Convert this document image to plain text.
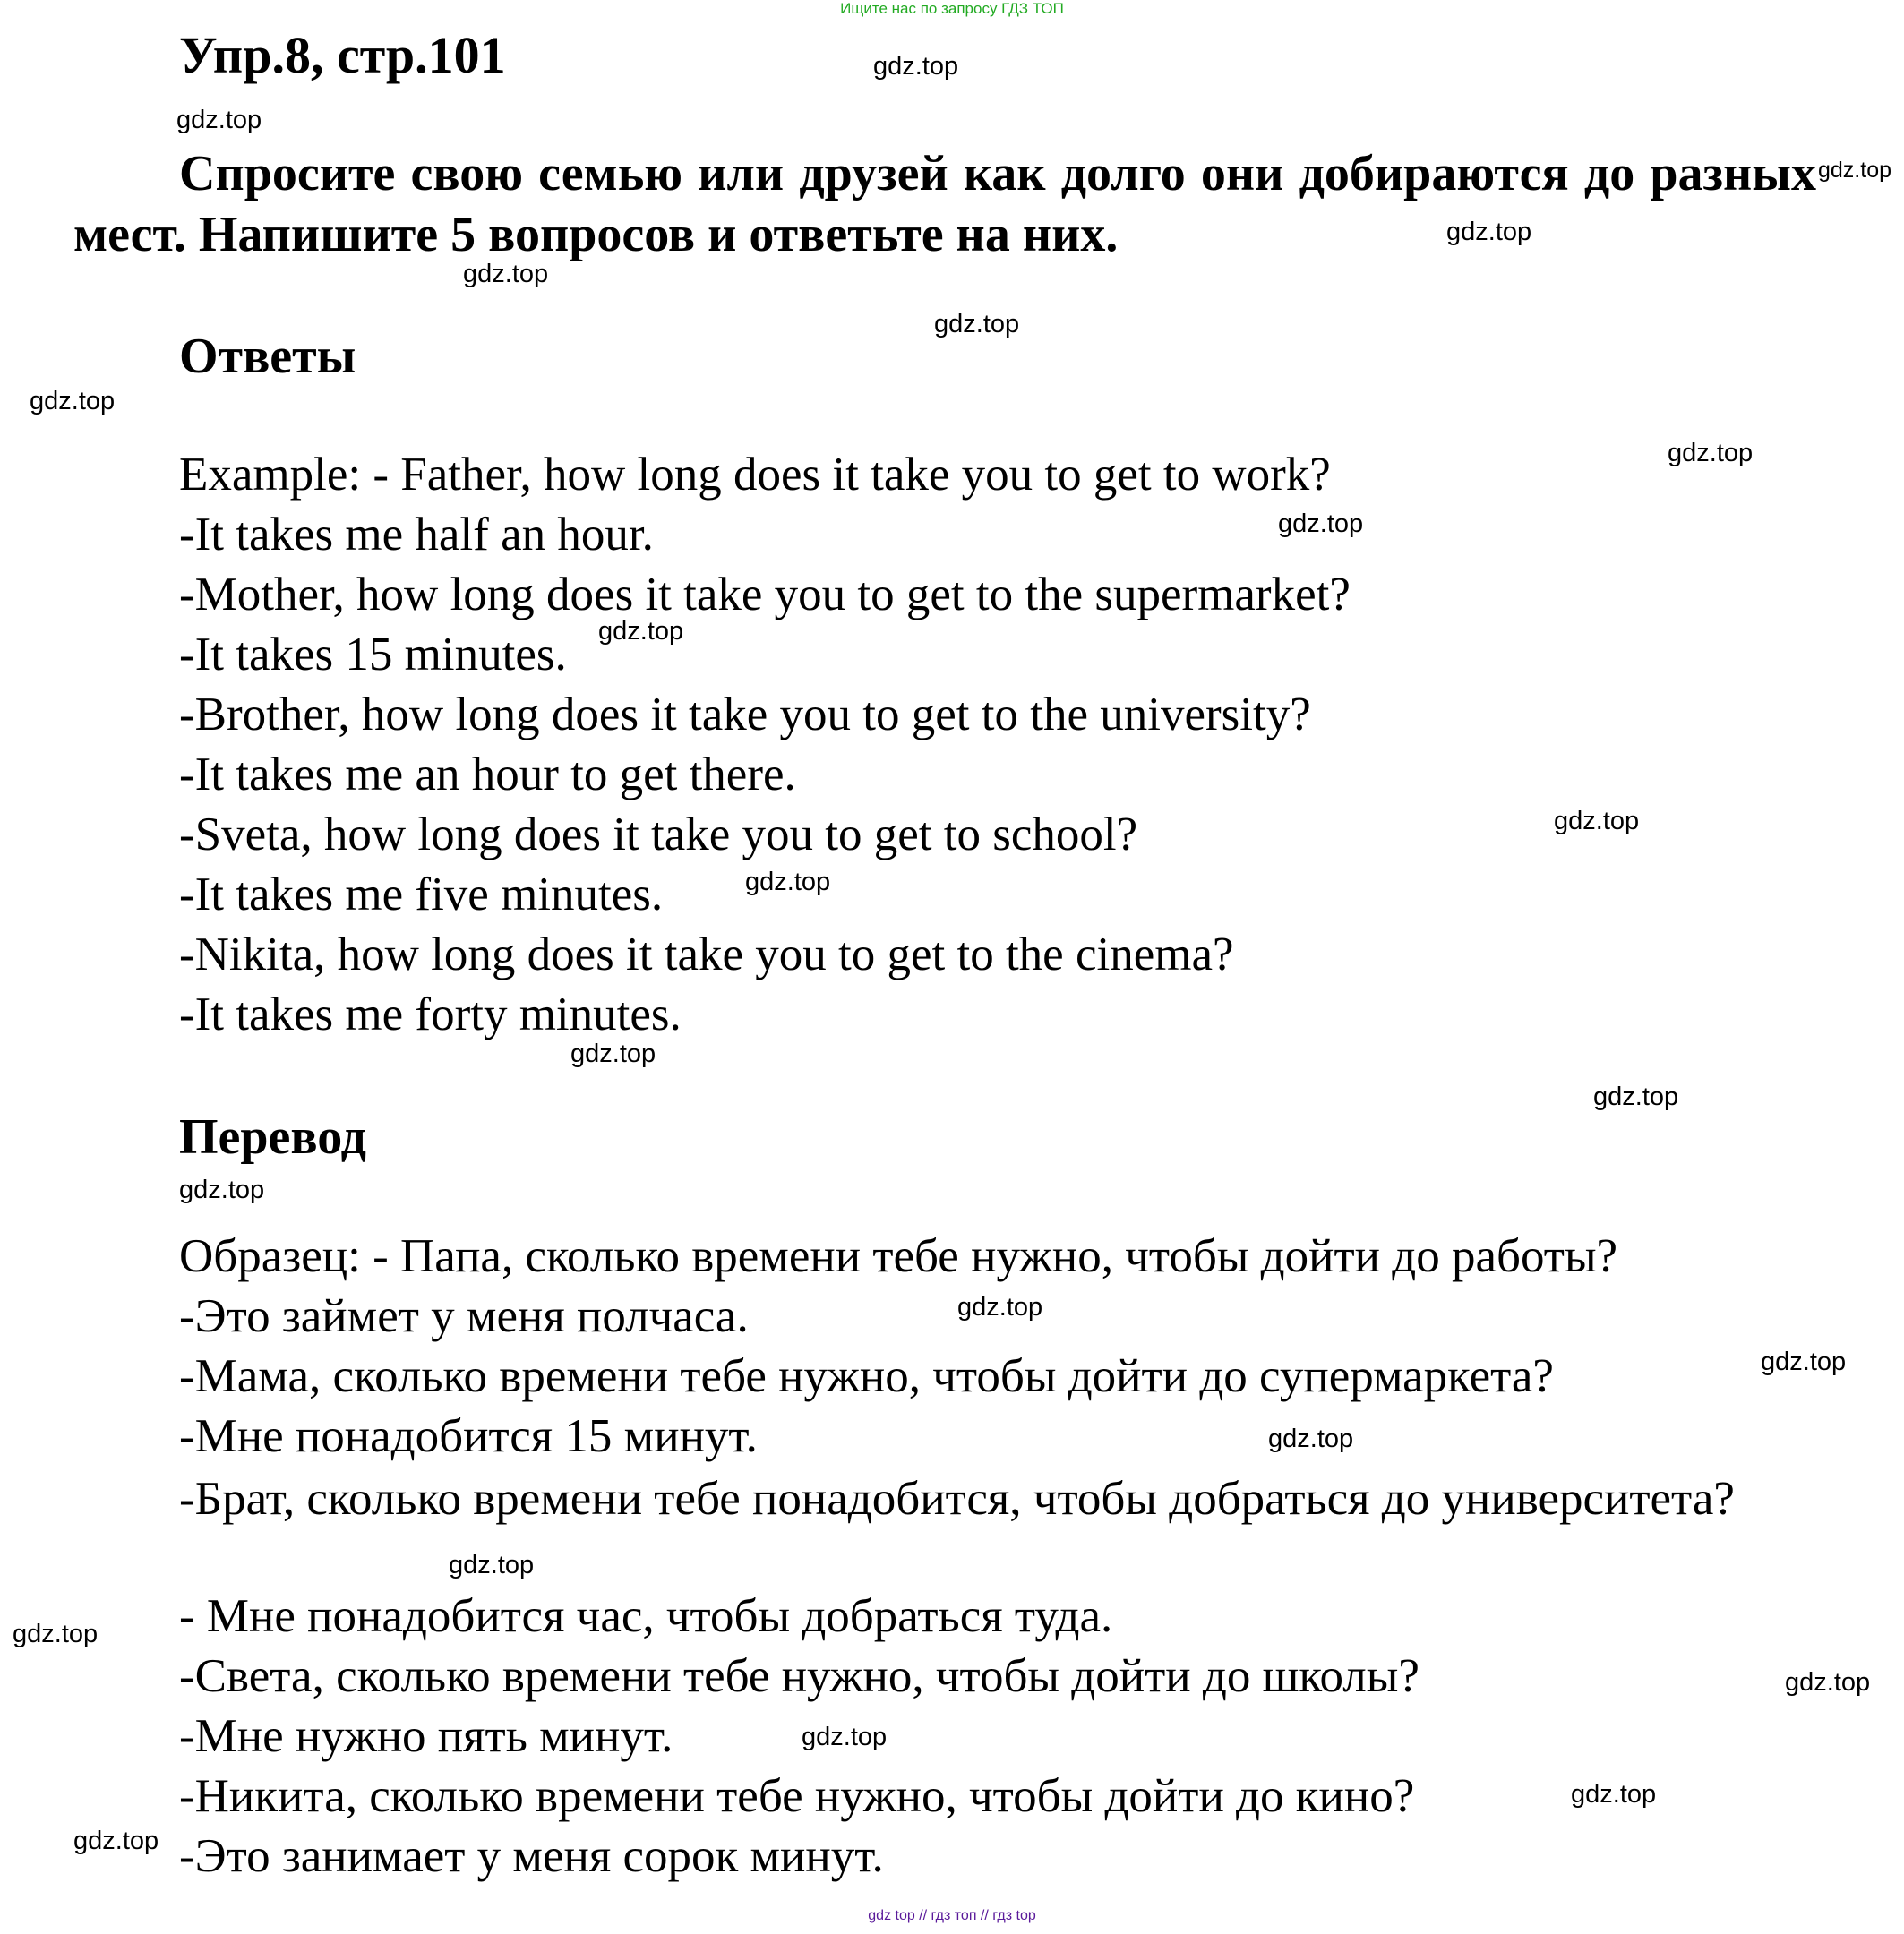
Ищите нас по запросу ГДЗ ТОП
Упр.8, стр.101
Спросите свою семью или друзей как долго они добираются до разных мест. Напишите 5 вопросов и ответьте на них.
Ответы
Example: - Father, how long does it take you to get to work?
-It takes me half an hour.
-Mother, how long does it take you to get to the supermarket?
-It takes 15 minutes.
-Brother, how long does it take you to get to the university?
-It takes me an hour to get there.
-Sveta, how long does it take you to get to school?
-It takes me five minutes.
-Nikita, how long does it take you to get to the cinema?
-It takes me forty minutes.
Перевод
Образец: - Папа, сколько времени тебе нужно, чтобы дойти до работы?
-Это займет у меня полчаса.
-Мама, сколько времени тебе нужно, чтобы дойти до супермаркета?
-Мне понадобится 15 минут.
-Брат, сколько времени тебе понадобится, чтобы добраться до университета?
- Мне понадобится час, чтобы добраться туда.
-Света, сколько времени тебе нужно, чтобы дойти до школы?
-Мне нужно пять минут.
-Никита, сколько времени тебе нужно, чтобы дойти до кино?
-Это занимает у меня сорок минут.
gdz.top
gdz.top
gdz.top
gdz.top
gdz.top
gdz.top
gdz.top
gdz.top
gdz.top
gdz.top
gdz.top
gdz.top
gdz.top
gdz.top
gdz.top
gdz.top
gdz.top
gdz.top
gdz.top
gdz.top
gdz.top
gdz.top
gdz.top
gdz.top
gdz top // гдз топ // гдз top
